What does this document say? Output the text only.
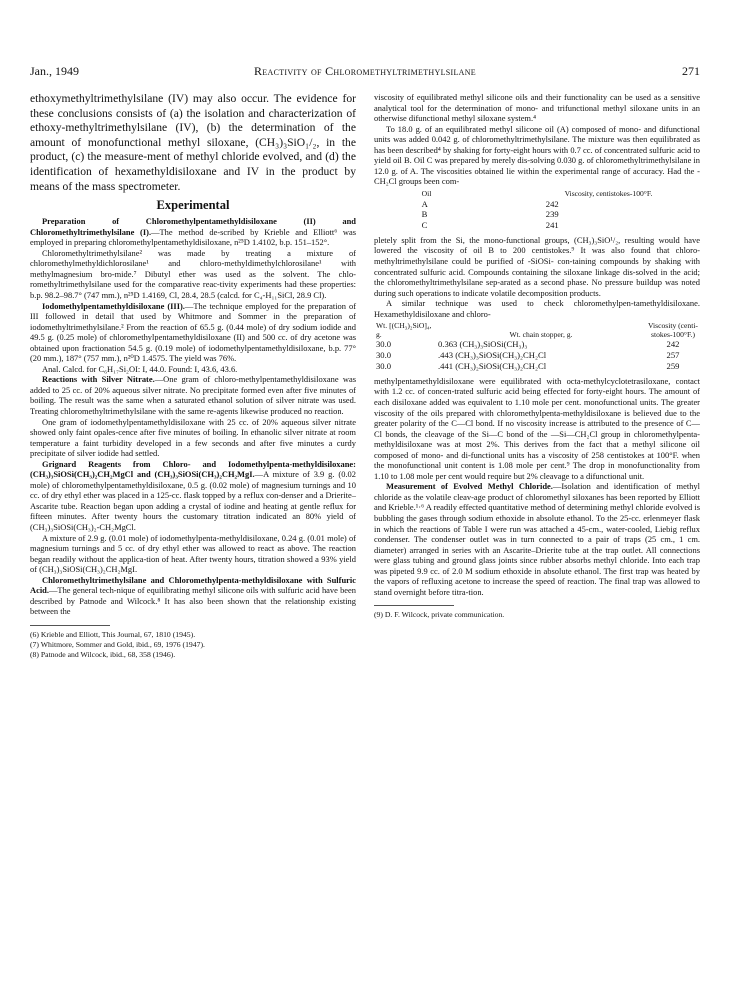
Jan., 1949	Reactivity of Chloromethyltrimethylsilane	271

ethoxymethyltrimethylsilane (IV) may also occur. The evidence for these conclusions consists of (a) the isolation and characterization of ethoxy-methyltrimethylsilane (IV), (b) the determination of the amount of monofunctional methyl siloxane, (CH₃)₃SiO₁/₂, in the product, (c) the measure-ment of methyl chloride evolved, and (d) the identification of hexamethyldisiloxane and IV in the product by means of the mass spectrometer.

Experimental

Preparation of Chloromethylpentamethyldisiloxane (II) and Chloromethyltrimethylsilane (I).—The method de-scribed by Krieble and Elliott⁶ was employed in preparing chloromethylpentamethyldisiloxane, n²⁵D 1.4102, b.p. 151–152°.

Chloromethyltrimethylsilane² was made by treating a mixture of chloromethylmethyldichlorosilane¹ and chloro-methyldimethylchlorosilane¹ with methylmagnesium bro-mide.⁷ Dibutyl ether was used as the solvent. The chlo-romethyltrimethylsilane used for the comparative reac-tivity experiments had these properties: b.p. 98.2–98.7° (747 mm.), n²⁵D 1.4169, Cl, 28.4, 28.5 (calcd. for C₄-H₁₁SiCl, 28.9 Cl).

Iodomethylpentamethyldisiloxane (III).—The technique employed for the preparation of III followed in detail that used by Whitmore and Sommer in the preparation of iodomethyltrimethylsilane.² From the reaction of 65.5 g. (0.44 mole) of dry sodium iodide and 49.5 g. (0.25 mole) of chloromethylpentamethyldisiloxane (II) and 500 cc. of dry acetone was obtained upon fractionation 54.5 g. (0.19 mole) of iodomethylpentamethyldisiloxane, b.p. 77° (20 mm.), 187° (757 mm.), n²⁰D 1.4575. The yield was 76%.

Anal. Calcd. for C₆H₁₇Si₂OI: I, 44.0. Found: I, 43.6, 43.6.

Reactions with Silver Nitrate.—One gram of chloro-methylpentamethyldisiloxane was added to 25 cc. of 20% aqueous silver nitrate. No precipitate formed even after five minutes of boiling. The result was the same when a saturated ethanol solution of silver nitrate was used. Treating chloromethyltrimethylsilane with the same re-agents likewise produced no reaction.

One gram of iodomethylpentamethyldisiloxane with 25 cc. of 20% aqueous silver nitrate showed only faint opales-cence after five minutes of boiling. In ethanolic silver nitrate at room temperature a faint turbidity developed in a few seconds and after five minutes a curdy precipitate of silver iodide had settled.

Grignard Reagents from Chloro- and Iodomethylpenta-methyldisiloxane: (CH₃)₃SiOSi(CH₃)₂CH₂MgCl and (CH₃)₃SiOSi(CH₃)₂CH₂MgI.—A mixture of 3.9 g. (0.02 mole) of chloromethylpentamethyldisiloxane, 0.5 g. (0.02 mole) of magnesium turnings and 10 cc. of dry ethyl ether was placed in a 125-cc. flask topped by a reflux con-denser and a Drierite–Ascarite tube. Reaction began upon adding a crystal of iodine and heating at gentle reflux for fifteen minutes. After twenty hours the customary titration indicated an 80% yield of (CH₃)₃SiOSi(CH₃)₂-CH₂MgCl.

A mixture of 2.9 g. (0.01 mole) of iodomethylpenta-methyldisiloxane, 0.24 g. (0.01 mole) of magnesium turnings and 5 cc. of dry ethyl ether was allowed to react as above. The reaction began readily without the applica-tion of heat. After twenty hours, titration showed a 93% yield of (CH₃)₃SiOSi(CH₃)₂CH₂MgI.

Chloromethyltrimethylsilane and Chloromethylpenta-methyldisiloxane with Sulfuric Acid.—The general tech-nique of equilibrating methyl silicone oils with sulfuric acid have been described by Patnode and Wilcock.⁸ It has also been shown that the relationship existing between the

(6) Krieble and Elliott, This Journal, 67, 1810 (1945).
(7) Whitmore, Sommer and Gold, ibid., 69, 1976 (1947).
(8) Patnode and Wilcock, ibid., 68, 358 (1946).

viscosity of equilibrated methyl silicone oils and their functionality can be used as a sensitive analytical tool for the determination of mono- and trifunctional methyl siloxane units in an otherwise difunctional methyl siloxane system.⁴

To 18.0 g. of an equilibrated methyl silicone oil (A) composed of mono- and difunctional units was added 0.042 g. of chloromethyltrimethylsilane. The mixture was then equilibrated as has been described⁴ by shaking for forty-eight hours with 0.7 cc. of concentrated sulfuric acid to yield oil B. Oil C was prepared by merely dis-solving 0.030 g. of chloromethyltrimethylsilane in 12.0 g. of A. The viscosities obtained lie within the experimental range of accuracy. Had the -CH₂Cl groups been com-

Oil	Viscosity, centistokes-100°F.
A	242
B	239
C	241

pletely split from the Si, the mono-functional groups, (CH₃)₃SiO¹/₂, resulting would have lowered the viscosity of oil B to 200 centistokes.⁹ It was also found that chloro-methyltrimethylsilane could be purified of -SiOSi- con-taining compounds by shaking with concentrated sulfuric acid. Compounds containing the siloxane linkage dis-solved in the acid; the chloromethyltrimethylsilane sep-arated as a second phase. No pressure buildup was noted during such operations to indicate volatile decomposition products.

A similar technique was used to check chloromethylpen-tamethyldisiloxane. Hexamethyldisiloxane and chloro-

Wt. [(CH₃)₂SiO]₄, g.	Wt. chain stopper, g.	Viscosity (centi-stokes-100°F.)
30.0	0.363 (CH₃)₃SiOSi(CH₃)₃	242
30.0	.443 (CH₃)₃SiOSi(CH₃)₂CH₂Cl	257
30.0	.441 (CH₃)₂SiOSi(CH₃)₂CH₂Cl	259

methylpentamethyldisiloxane were equilibrated with octa-methylcyclotetrasiloxane, contact with 1.2 cc. of concen-trated sulfuric acid being effected for forty-eight hours. The amount of each disiloxane added was equivalent to 1.10 mole per cent. monofunctional units. The greater viscosity of the oils prepared with chloromethylpenta-methyldisiloxane is believed due to the greater polarity of the C—Cl bond. If no viscosity increase is attributed to the presence of C—Cl bonds, the cleavage of the Si—C bond of the —Si—CH₂Cl group in chloromethylpenta-methyldisiloxane was at most 2%. This derives from the fact that a methyl silicone oil composed of mono- and di-functional units has a viscosity of 258 centistokes at 100°F. when the monofunctional unit content is 1.08 mole per cent.⁹ The drop in monofunctionality from 1.10 to 1.08 mole per cent would require but 2% cleavage to a difunctional unit.

Measurement of Evolved Methyl Chloride.—Isolation and identification of methyl chloride as the volatile cleav-age product of chloromethyl siloxanes has been reported by Elliott and Krieble.¹·⁶ A readily effected quantitative method of determining methyl chloride evolved is bubbling the gases through sodium ethoxide in absolute ethanol. To the 25-cc. erlenmeyer flask in which the reactions of Table I were run was attached a 45-cm., water-cooled, Liebig reflux condenser. The condenser outlet was in turn connected to a pair of traps (25 cm., 1 cm. diameter) arranged in series with an Ascarite–Drierite tube at the trap outlet. All connections were glass tubing and ground glass joints since rubber absorbs methyl chloride. Into each trap was pipeted 9.9 cc. of 2.0 M sodium ethoxide in absolute ethanol. The first trap was heated by the vapors of refluxing acetone to increase the speed of reaction. The final trap was allowed to stand overnight before titra-tion.

(9) D. F. Wilcock, private communication.
